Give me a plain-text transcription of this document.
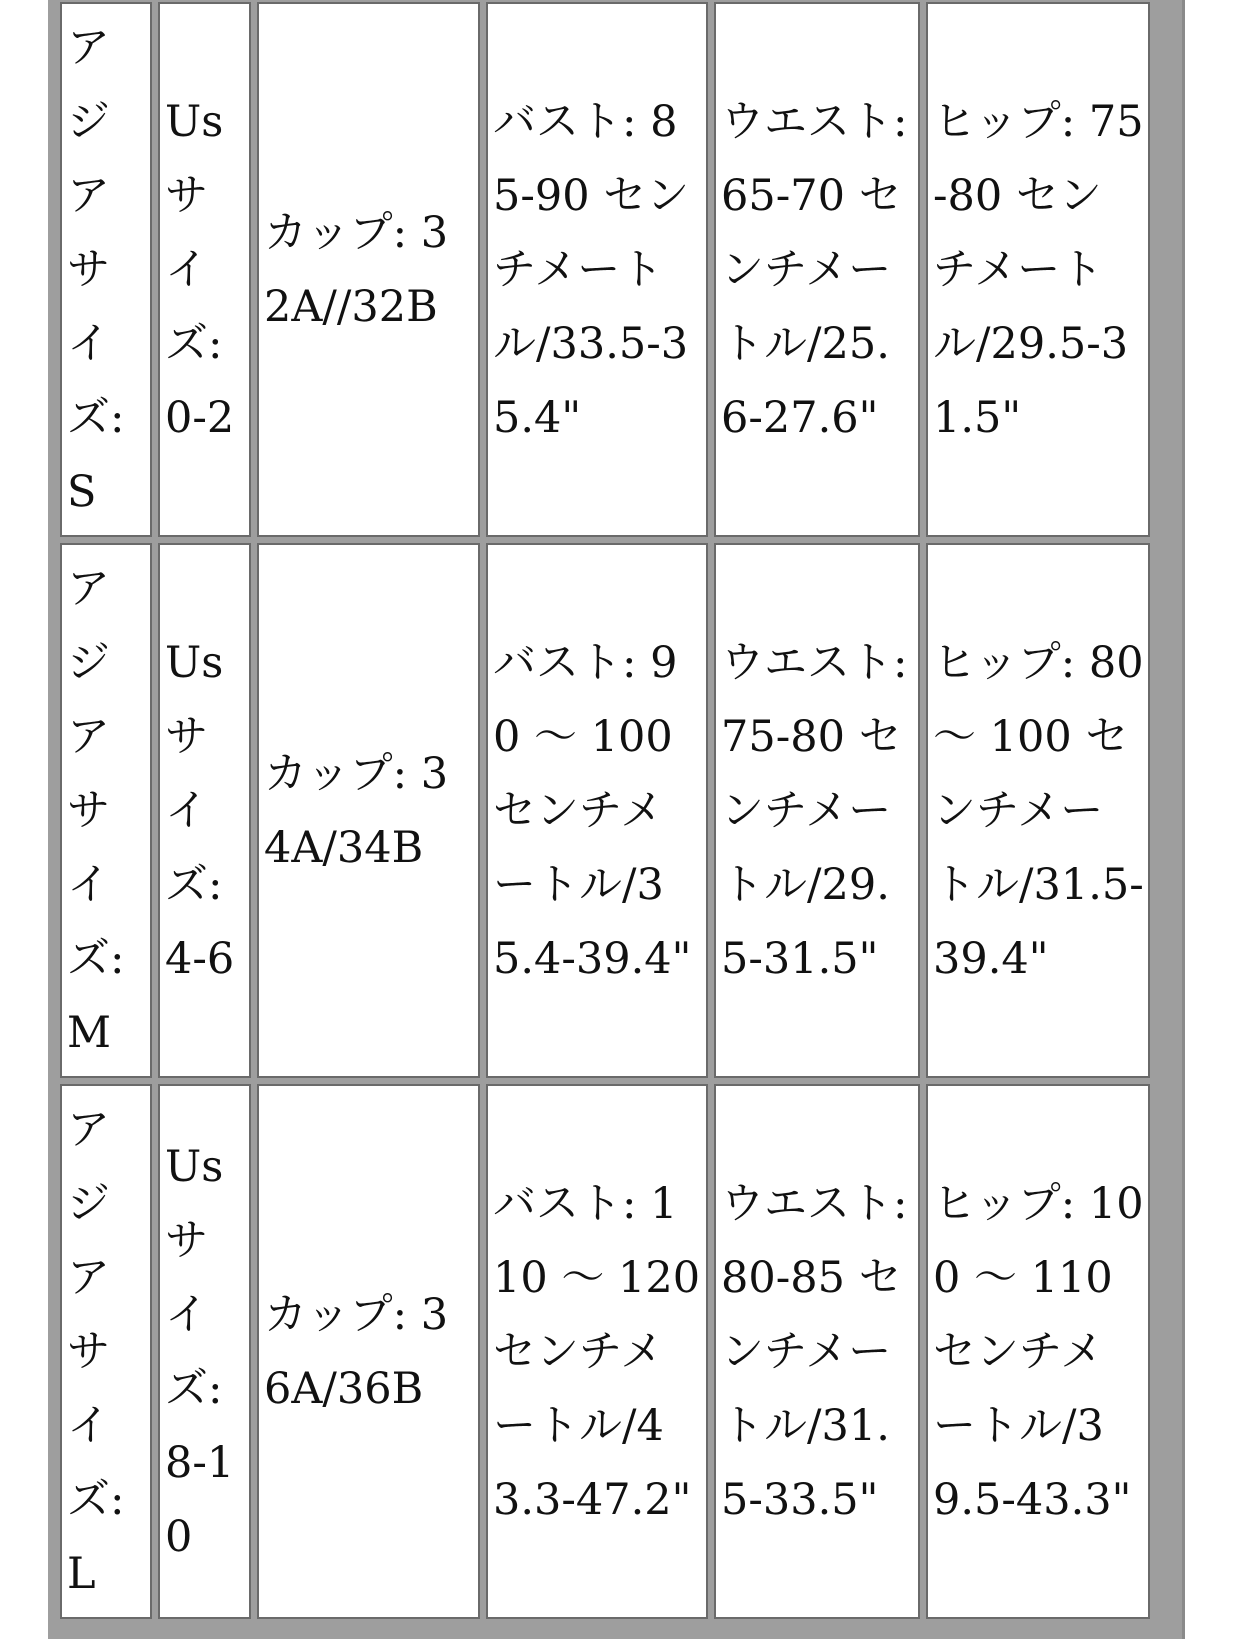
アジアサイズ: S	Us サイズ: 0-2	カップ: 32A//32B	バスト: 85-90 センチメートル/33.5-35.4"	ウエスト: 65-70 センチメートル/25.6-27.6"	ヒップ: 75-80 センチメートル/29.5-31.5"
アジアサイズ: M	Us サイズ: 4-6	カップ: 34A/34B	バスト: 90 ～ 100 センチメートル/35.4-39.4"	ウエスト: 75-80 センチメートル/29.5-31.5"	ヒップ: 80 ～ 100 センチメートル/31.5-39.4"
アジアサイズ: L	Us サイズ: 8-10	カップ: 36A/36B	バスト: 110 ～ 120 センチメートル/43.3-47.2"	ウエスト: 80-85 センチメートル/31.5-33.5"	ヒップ: 100 ～ 110 センチメートル/39.5-43.3"
